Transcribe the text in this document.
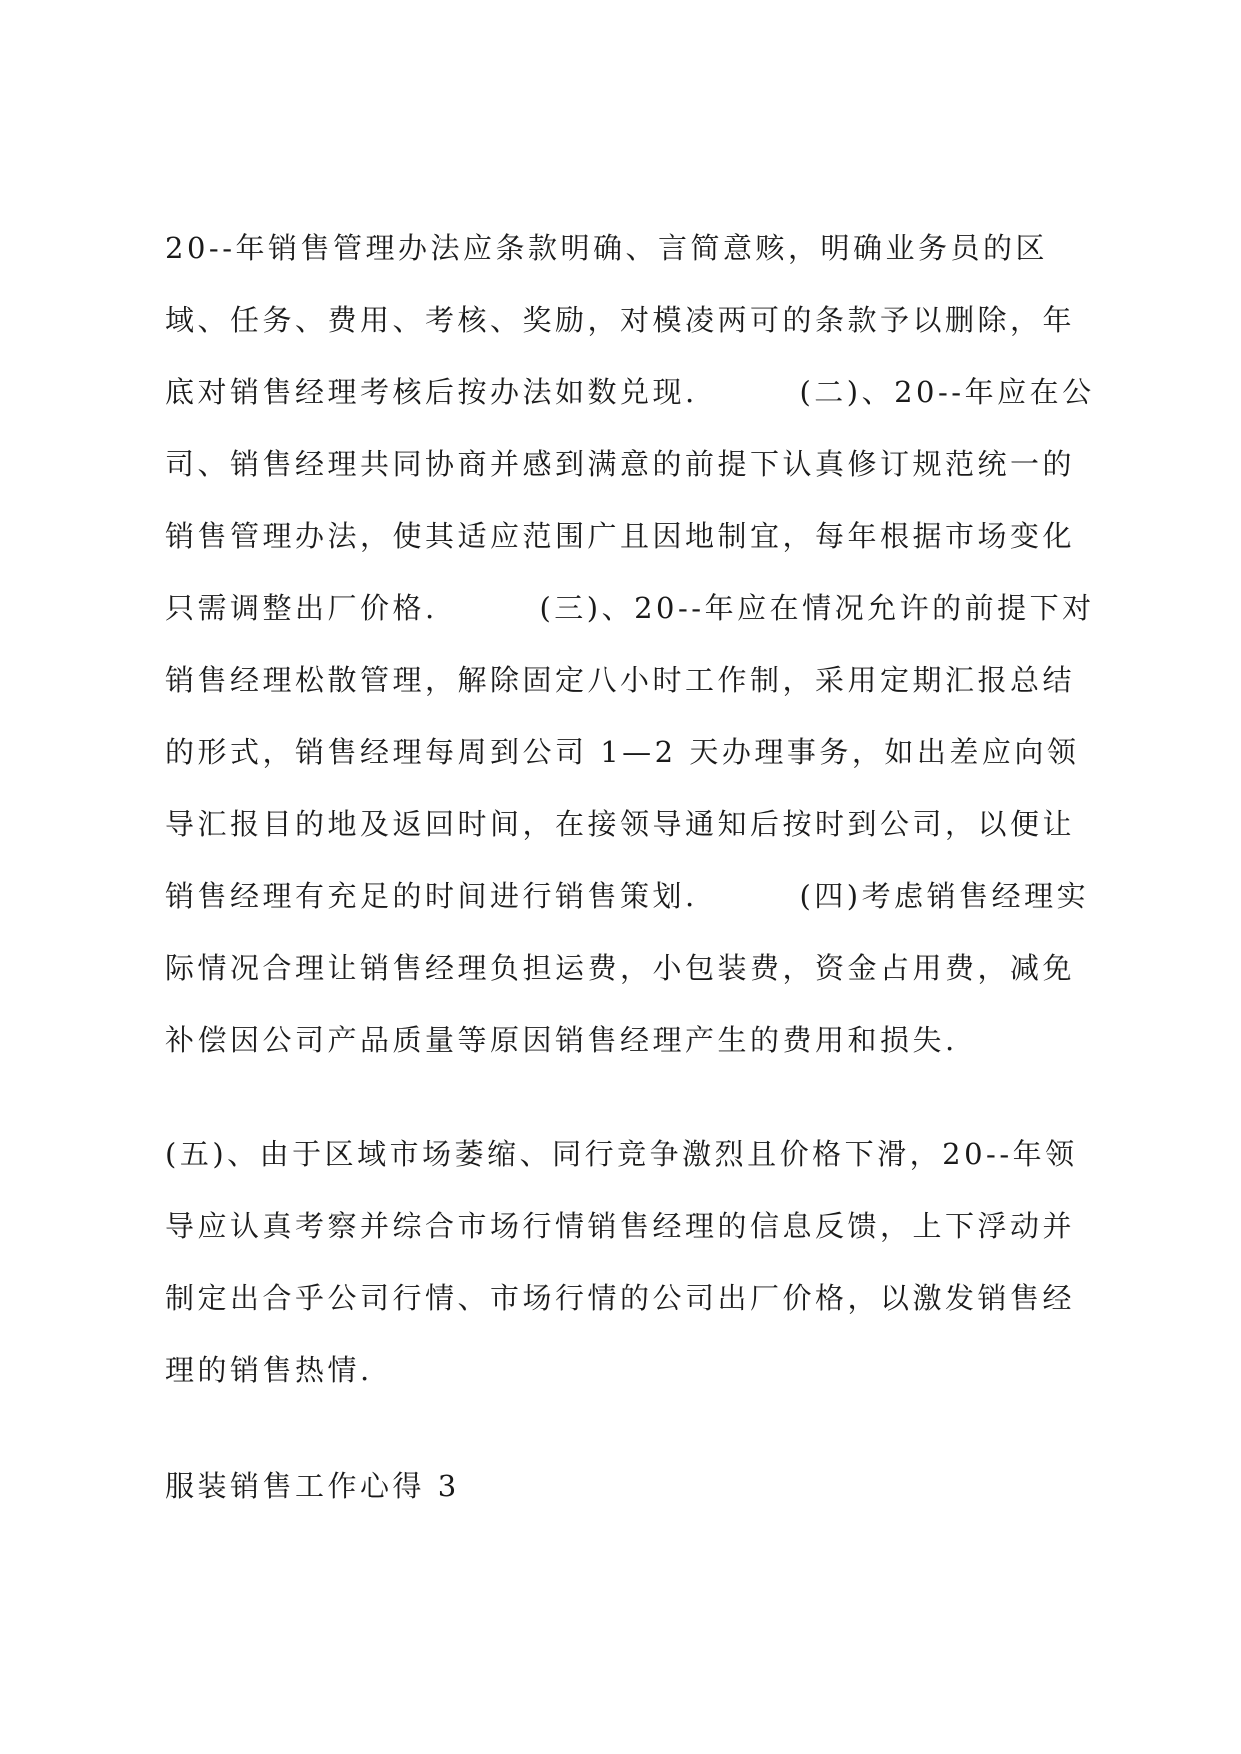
20--年销售管理办法应条款明确、言简意赅，明确业务员的区
域、任务、费用、考核、奖励，对模凌两可的条款予以删除，年
底对销售经理考核后按办法如数兑现.        (二)、20--年应在公
司、销售经理共同协商并感到满意的前提下认真修订规范统一的
销售管理办法，使其适应范围广且因地制宜，每年根据市场变化
只需调整出厂价格.        (三)、20--年应在情况允许的前提下对
销售经理松散管理，解除固定八小时工作制，采用定期汇报总结
的形式，销售经理每周到公司 1—2 天办理事务，如出差应向领
导汇报目的地及返回时间，在接领导通知后按时到公司，以便让
销售经理有充足的时间进行销售策划.        (四)考虑销售经理实
际情况合理让销售经理负担运费，小包装费，资金占用费，减免
补偿因公司产品质量等原因销售经理产生的费用和损失.
(五)、由于区域市场萎缩、同行竞争激烈且价格下滑，20--年领
导应认真考察并综合市场行情销售经理的信息反馈，上下浮动并
制定出合乎公司行情、市场行情的公司出厂价格，以激发销售经
理的销售热情.
服装销售工作心得 3
